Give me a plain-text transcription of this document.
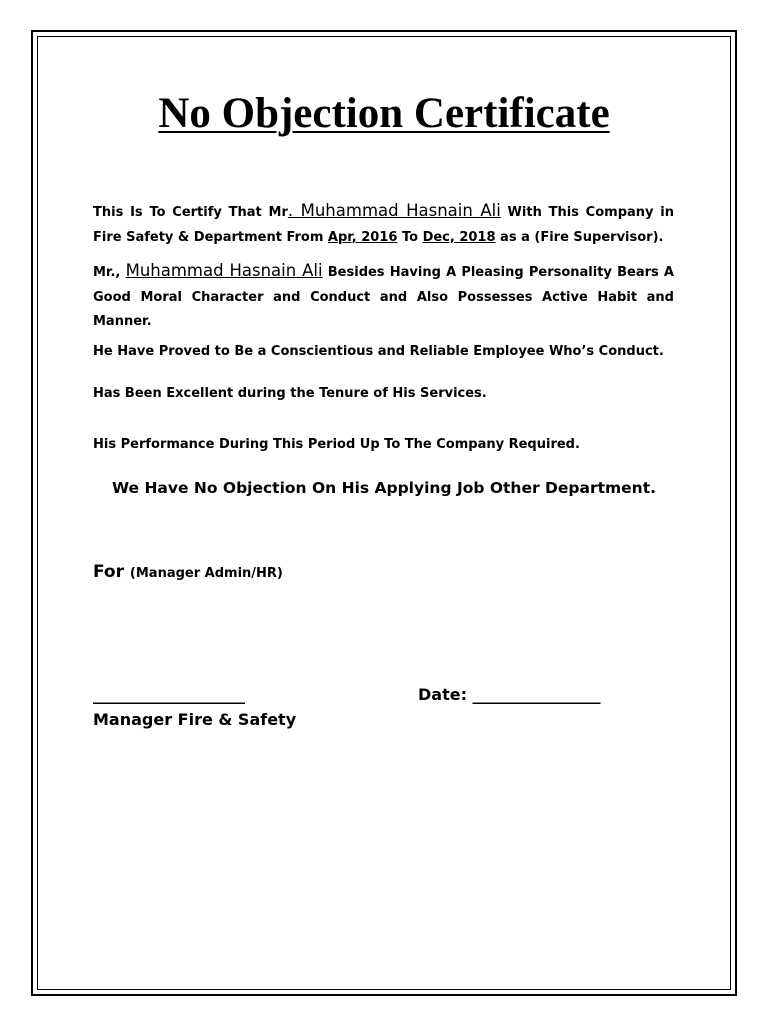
No Objection Certificate

This Is To Certify That Mr. Muhammad Hasnain Ali With This Company in Fire Safety & Department From Apr, 2016 To Dec, 2018 as a (Fire Supervisor).

Mr., Muhammad Hasnain Ali Besides Having A Pleasing Personality Bears A Good Moral Character and Conduct and Also Possesses Active Habit and Manner.

He Have Proved to Be a Conscientious and Reliable Employee Who’s Conduct.

Has Been Excellent during the Tenure of His Services.

His Performance During This Period Up To The Company Required.

We Have No Objection On His Applying Job Other Department.

For (Manager Admin/HR)

___________________	Date: ________________

Manager Fire & Safety
